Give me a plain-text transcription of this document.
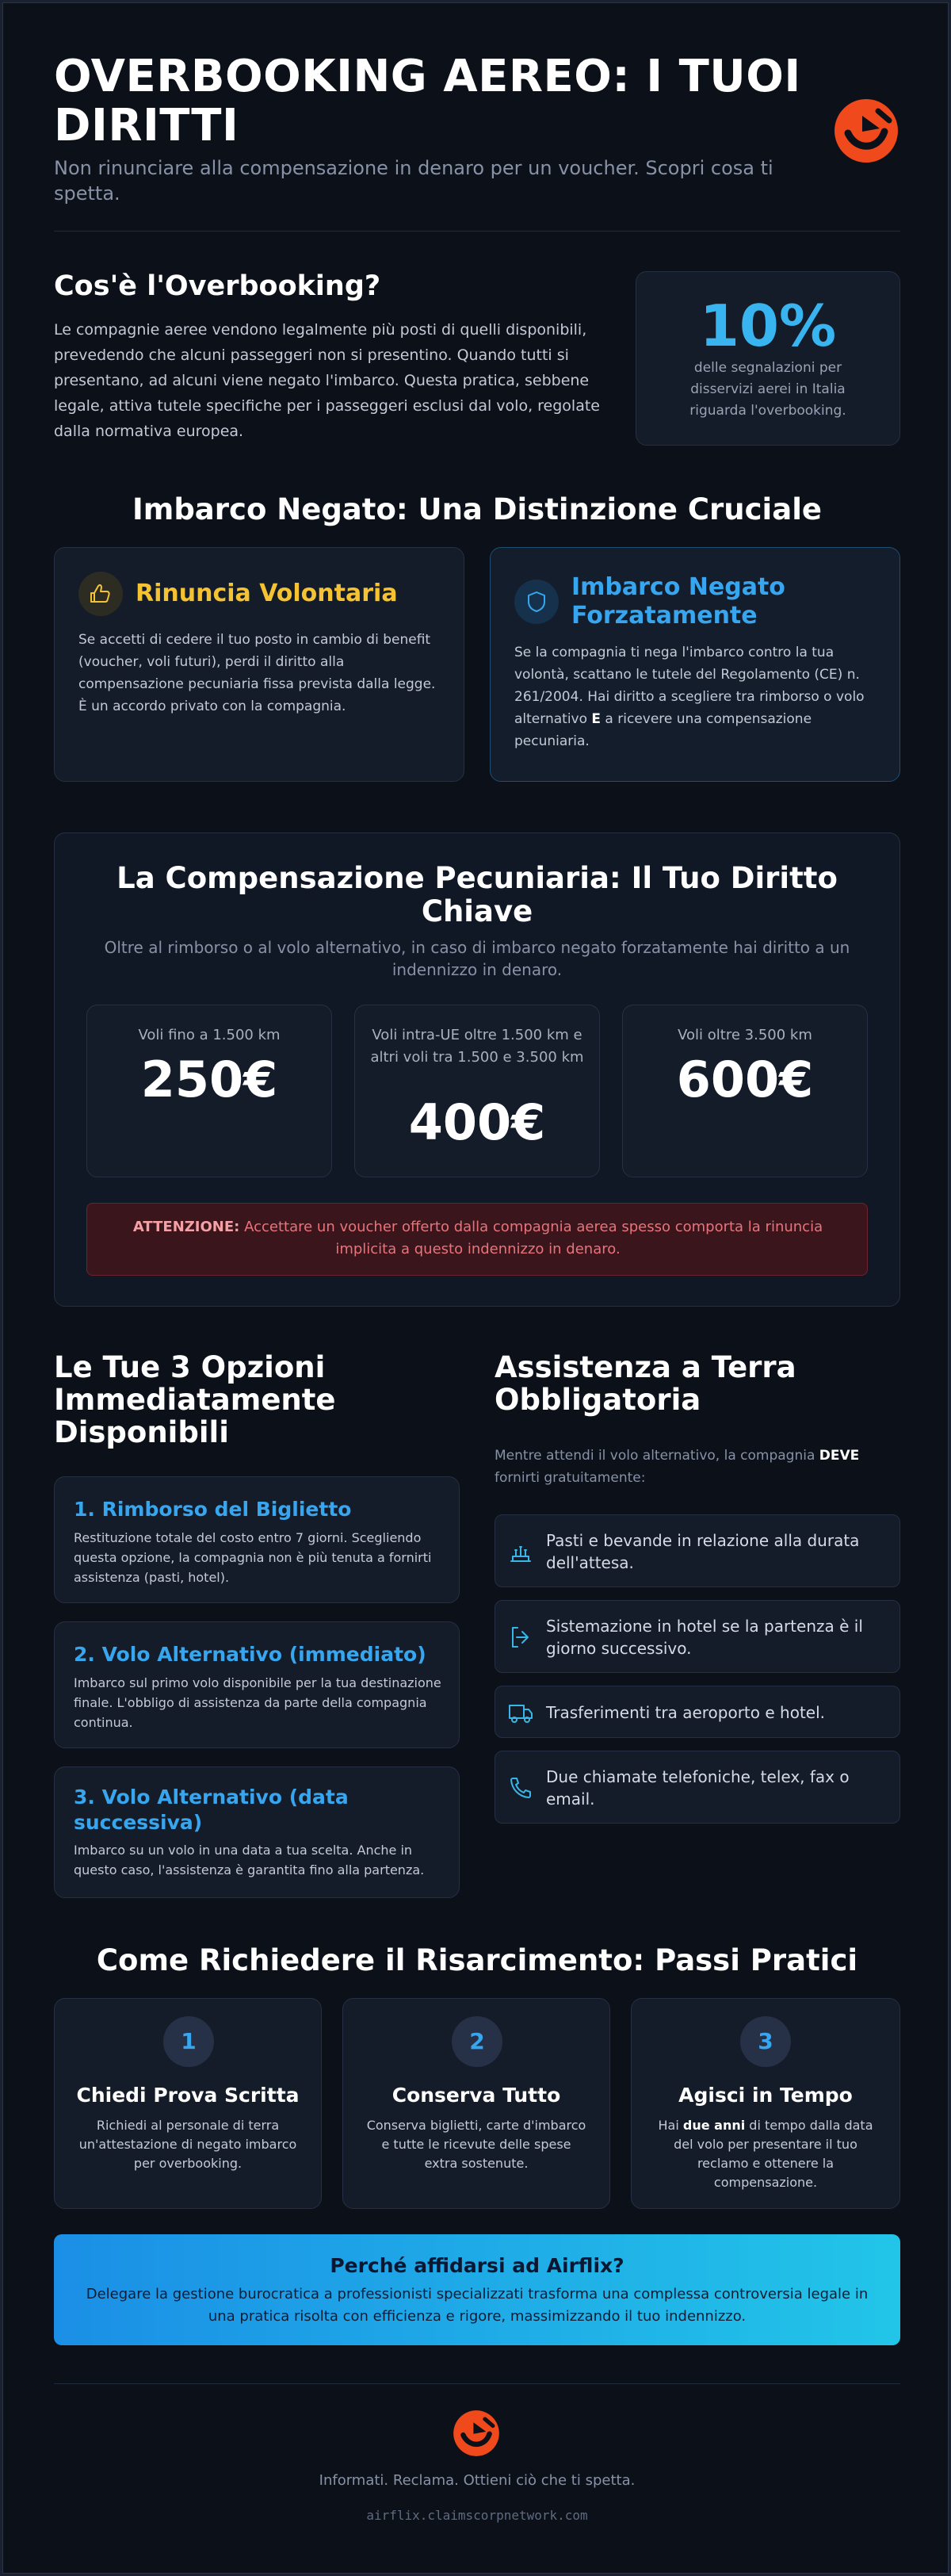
OVERBOOKING AEREO: I TUOI DIRITTI

Non rinunciare alla compensazione in denaro per un voucher. Scopri cosa ti spetta.

Cos'è l'Overbooking?

Le compagnie aeree vendono legalmente più posti di quelli disponibili, prevedendo che alcuni passeggeri non si presentino. Quando tutti si presentano, ad alcuni viene negato l'imbarco. Questa pratica, sebbene legale, attiva tutele specifiche per i passeggeri esclusi dal volo, regolate dalla normativa europea.

10%
delle segnalazioni per disservizi aerei in Italia riguarda l'overbooking.
Imbarco Negato: Una Distinzione Cruciale
Rinuncia Volontaria

Se accetti di cedere il tuo posto in cambio di benefit (voucher, voli futuri), perdi il diritto alla compensazione pecuniaria fissa prevista dalla legge. È un accordo privato con la compagnia.

Imbarco Negato Forzatamente

Se la compagnia ti nega l'imbarco contro la tua volontà, scattano le tutele del Regolamento (CE) n. 261/2004. Hai diritto a scegliere tra rimborso o volo alternativo E a ricevere una compensazione pecuniaria.

La Compensazione Pecuniaria: Il Tuo Diritto Chiave

Oltre al rimborso o al volo alternativo, in caso di imbarco negato forzatamente hai diritto a un indennizzo in denaro.

Voli fino a 1.500 km
250€
Voli intra-UE oltre 1.500 km e altri voli tra 1.500 e 3.500 km
400€
Voli oltre 3.500 km
600€

ATTENZIONE: Accettare un voucher offerto dalla compagnia aerea spesso comporta la rinuncia implicita a questo indennizzo in denaro.

Le Tue 3 Opzioni Immediatamente Disponibili
1. Rimborso del Biglietto

Restituzione totale del costo entro 7 giorni. Scegliendo questa opzione, la compagnia non è più tenuta a fornirti assistenza (pasti, hotel).

2. Volo Alternativo (immediato)

Imbarco sul primo volo disponibile per la tua destinazione finale. L'obbligo di assistenza da parte della compagnia continua.

3. Volo Alternativo (data successiva)

Imbarco su un volo in una data a tua scelta. Anche in questo caso, l'assistenza è garantita fino alla partenza.

Assistenza a Terra Obbligatoria

Mentre attendi il volo alternativo, la compagnia DEVE fornirti gratuitamente:

Pasti e bevande in relazione alla durata dell'attesa.

Sistemazione in hotel se la partenza è il giorno successivo.

Trasferimenti tra aeroporto e hotel.

Due chiamate telefoniche, telex, fax o email.

Come Richiedere il Risarcimento: Passi Pratici
1
Chiedi Prova Scritta

Richiedi al personale di terra un'attestazione di negato imbarco per overbooking.

2
Conserva Tutto

Conserva biglietti, carte d'imbarco e tutte le ricevute delle spese extra sostenute.

3
Agisci in Tempo

Hai due anni di tempo dalla data del volo per presentare il tuo reclamo e ottenere la compensazione.

Perché affidarsi ad Airflix?

Delegare la gestione burocratica a professionisti specializzati trasforma una complessa controversia legale in una pratica risolta con efficienza e rigore, massimizzando il tuo indennizzo.

Informati. Reclama. Ottieni ciò che ti spetta.

airflix.claimscorpnetwork.com
